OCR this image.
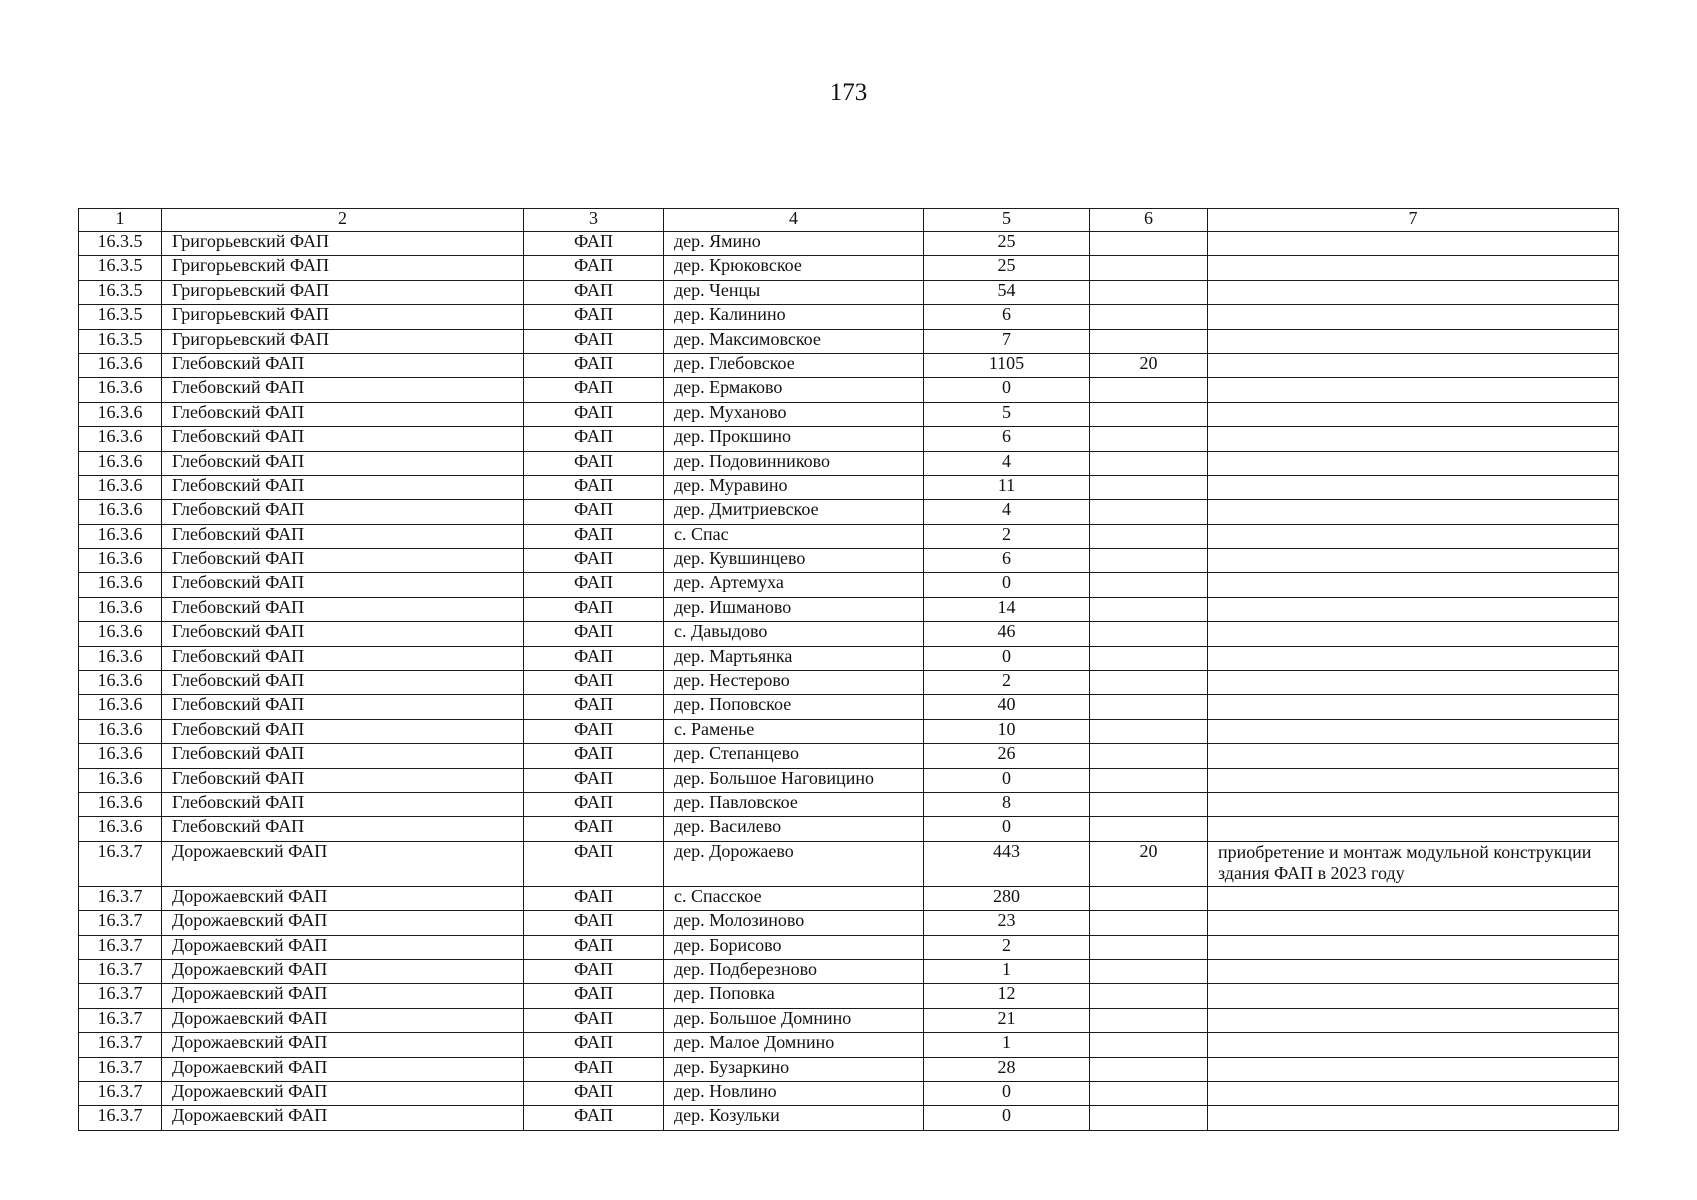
173
1	2	3	4	5	6	7
16.3.5	Григорьевский ФАП	ФАП	дер. Ямино	25		
16.3.5	Григорьевский ФАП	ФАП	дер. Крюковское	25		
16.3.5	Григорьевский ФАП	ФАП	дер. Ченцы	54		
16.3.5	Григорьевский ФАП	ФАП	дер. Калинино	6		
16.3.5	Григорьевский ФАП	ФАП	дер. Максимовское	7		
16.3.6	Глебовский ФАП	ФАП	дер. Глебовское	1105	20	
16.3.6	Глебовский ФАП	ФАП	дер. Ермаково	0		
16.3.6	Глебовский ФАП	ФАП	дер. Муханово	5		
16.3.6	Глебовский ФАП	ФАП	дер. Прокшино	6		
16.3.6	Глебовский ФАП	ФАП	дер. Подовинниково	4		
16.3.6	Глебовский ФАП	ФАП	дер. Муравино	11		
16.3.6	Глебовский ФАП	ФАП	дер. Дмитриевское	4		
16.3.6	Глебовский ФАП	ФАП	с. Спас	2		
16.3.6	Глебовский ФАП	ФАП	дер. Кувшинцево	6		
16.3.6	Глебовский ФАП	ФАП	дер. Артемуха	0		
16.3.6	Глебовский ФАП	ФАП	дер. Ишманово	14		
16.3.6	Глебовский ФАП	ФАП	с. Давыдово	46		
16.3.6	Глебовский ФАП	ФАП	дер. Мартьянка	0		
16.3.6	Глебовский ФАП	ФАП	дер. Нестерово	2		
16.3.6	Глебовский ФАП	ФАП	дер. Поповское	40		
16.3.6	Глебовский ФАП	ФАП	с. Раменье	10		
16.3.6	Глебовский ФАП	ФАП	дер. Степанцево	26		
16.3.6	Глебовский ФАП	ФАП	дер. Большое Наговицино	0		
16.3.6	Глебовский ФАП	ФАП	дер. Павловское	8		
16.3.6	Глебовский ФАП	ФАП	дер. Василево	0		
16.3.7	Дорожаевский ФАП	ФАП	дер. Дорожаево	443	20	приобретение и монтаж модульной конструкции здания ФАП в 2023 году
16.3.7	Дорожаевский ФАП	ФАП	с. Спасское	280		
16.3.7	Дорожаевский ФАП	ФАП	дер. Молозиново	23		
16.3.7	Дорожаевский ФАП	ФАП	дер. Борисово	2		
16.3.7	Дорожаевский ФАП	ФАП	дер. Подберезново	1		
16.3.7	Дорожаевский ФАП	ФАП	дер. Поповка	12		
16.3.7	Дорожаевский ФАП	ФАП	дер. Большое Домнино	21		
16.3.7	Дорожаевский ФАП	ФАП	дер. Малое Домнино	1		
16.3.7	Дорожаевский ФАП	ФАП	дер. Бузаркино	28		
16.3.7	Дорожаевский ФАП	ФАП	дер. Новлино	0		
16.3.7	Дорожаевский ФАП	ФАП	дер. Козульки	0		
